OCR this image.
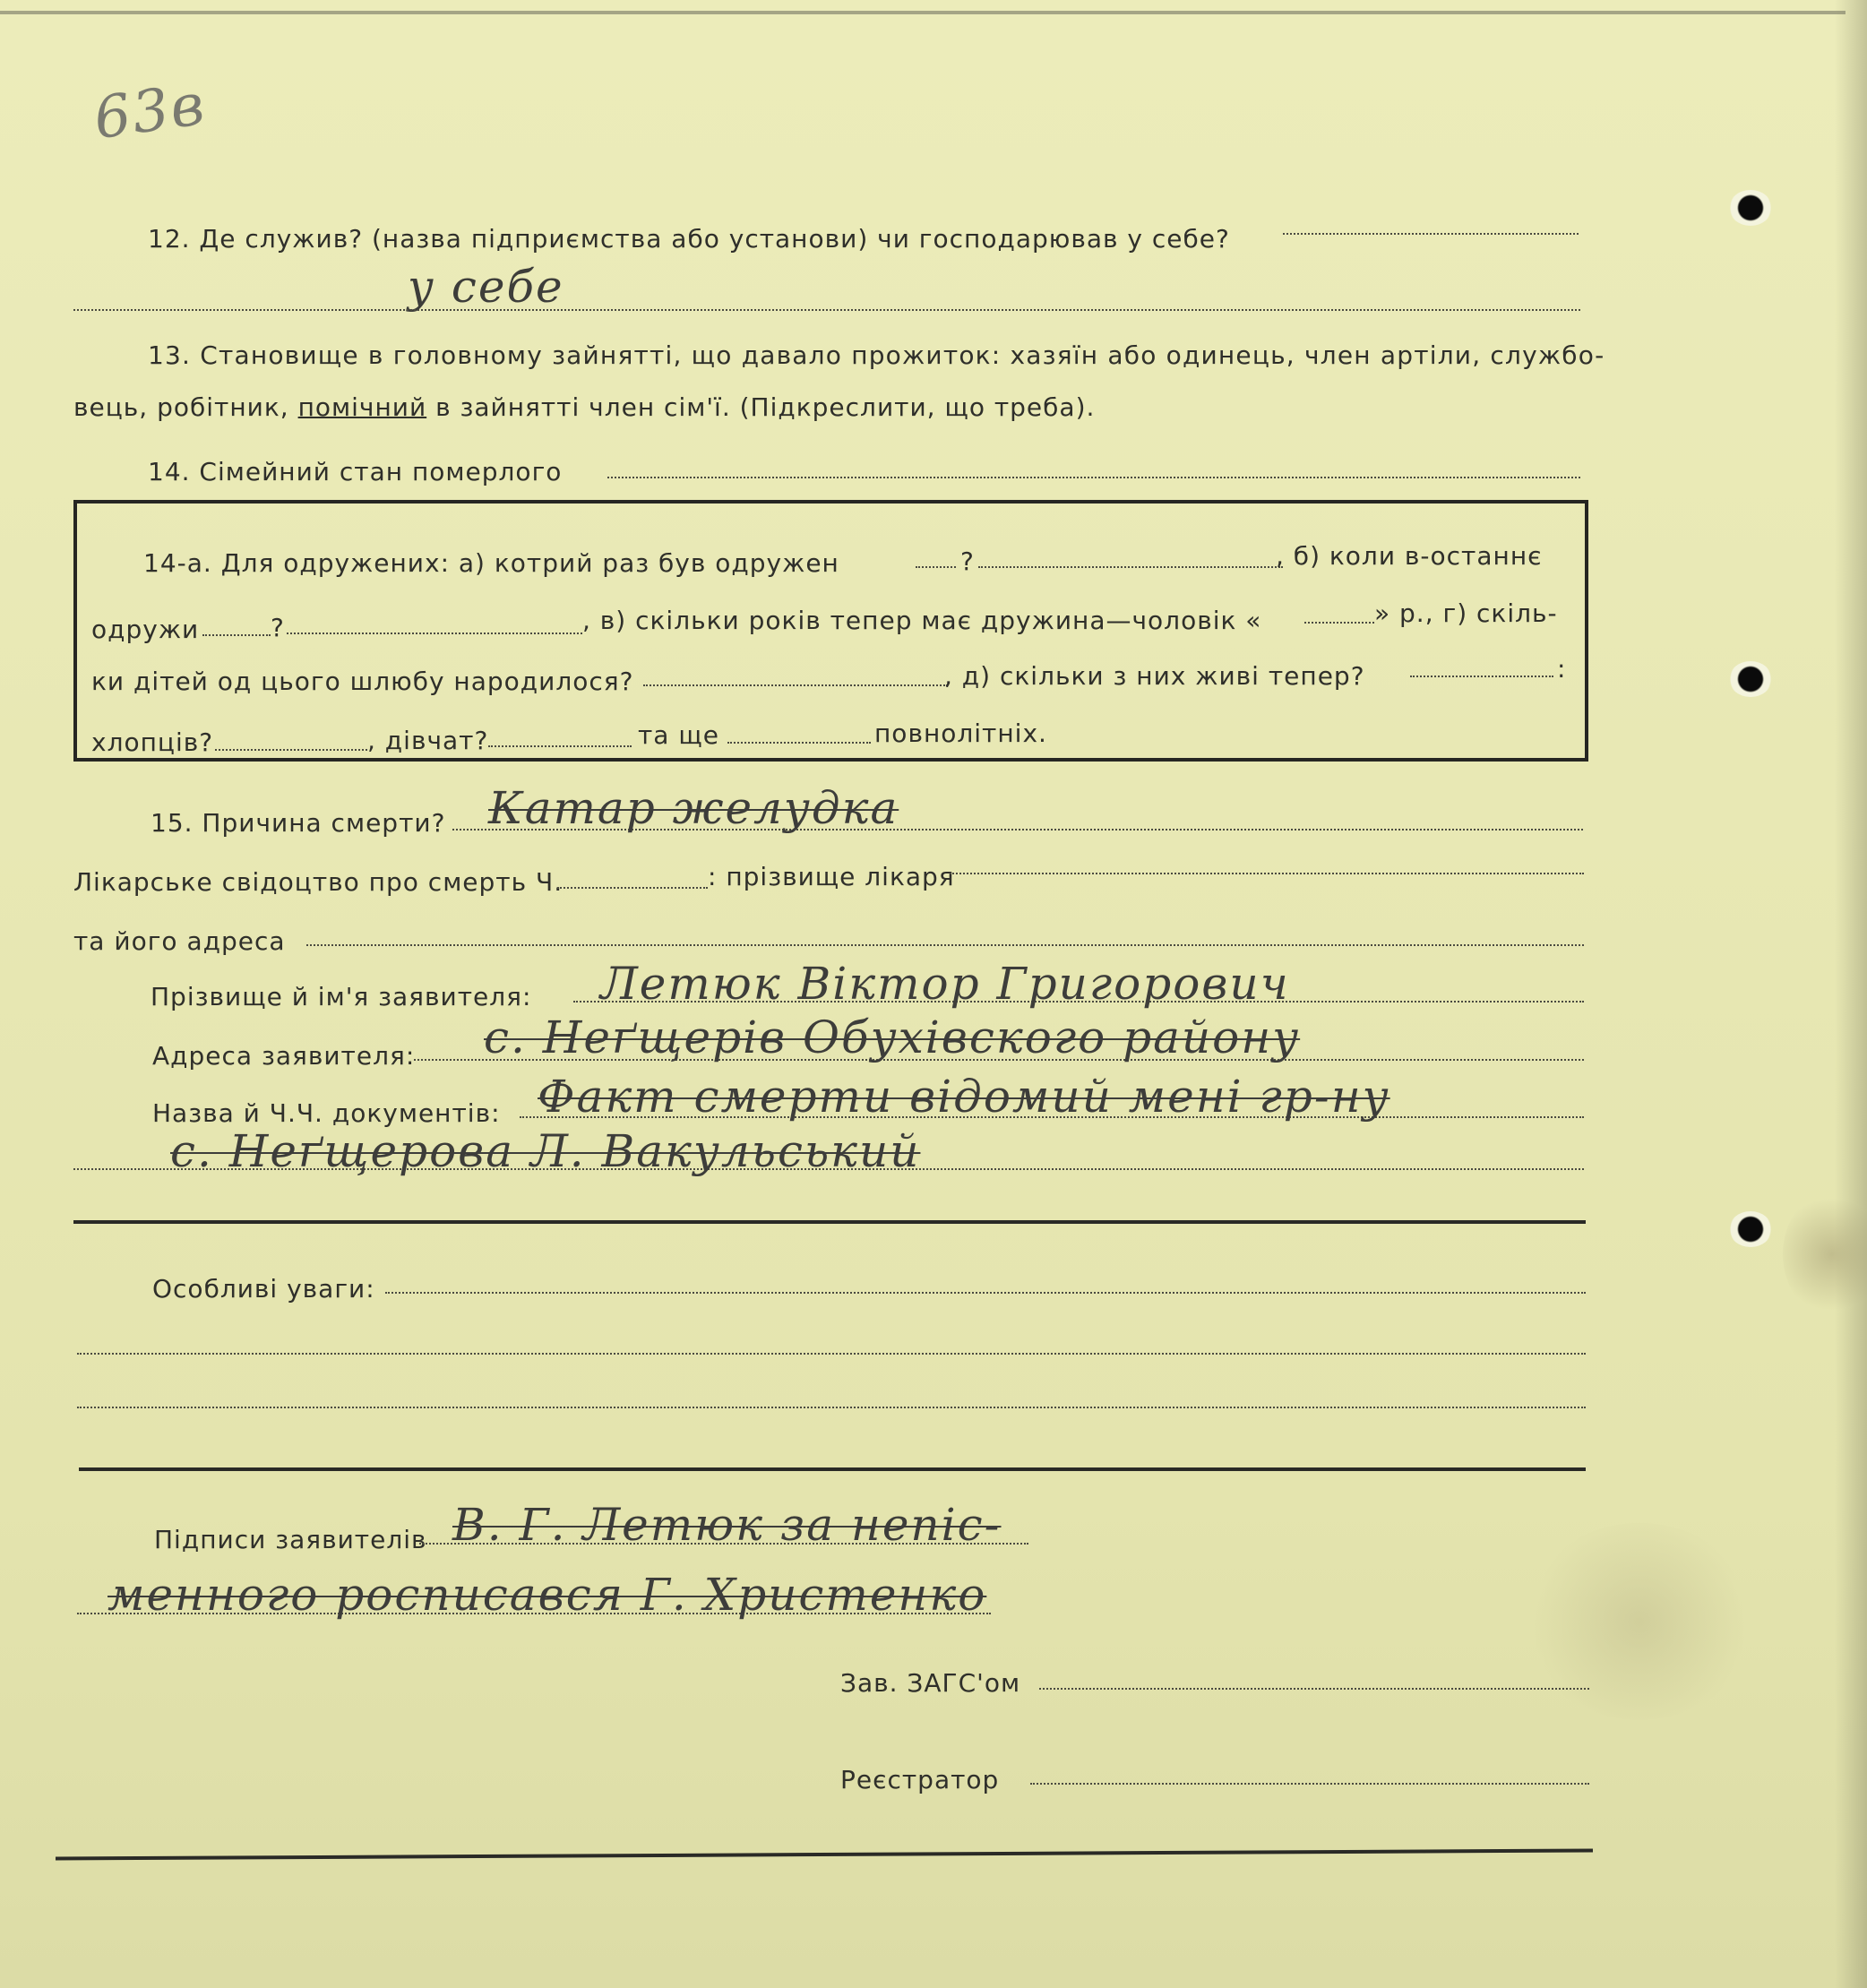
63в
12. Де служив? (назва підприємства або установи) чи господарював у себе?
у себе
13. Становище в головному зайнятті, що давало прожиток: хазяїн або одинець, член артіли, службо-
вець, робітник, помічний в зайнятті член сім'ї. (Підкреслити, що треба).
14. Сімейний стан померлого
14-а. Для одружених: а) котрий раз був одружен	?	, б) коли в-останнє
одружи	?	, в) скільки років тепер має дружина—чоловік «	» р., г) скіль-
ки дітей од цього шлюбу народилося?	, д) скільки з них живі тепер?	:
хлопців?	, дівчат?	та ще	повнолітніх.
15. Причина смерти? Катар желудка
Лікарське свідоцтво про смерть Ч.	: прізвище лікаря
та його адреса
Прізвище й ім'я заявителя: Летюк Віктор Григорович
Адреса заявителя: с. Неґщерів Обухівского району
Назва й Ч.Ч. документів: Факт смерти відомий мені гр-ну
с. Неґщерова Л. Вакульський
Особливі уваги:
Підписи заявителів В. Г. Летюк за непіс-
менного росписався Г. Христенко
Зав. ЗАГС'ом
Реєстратор
